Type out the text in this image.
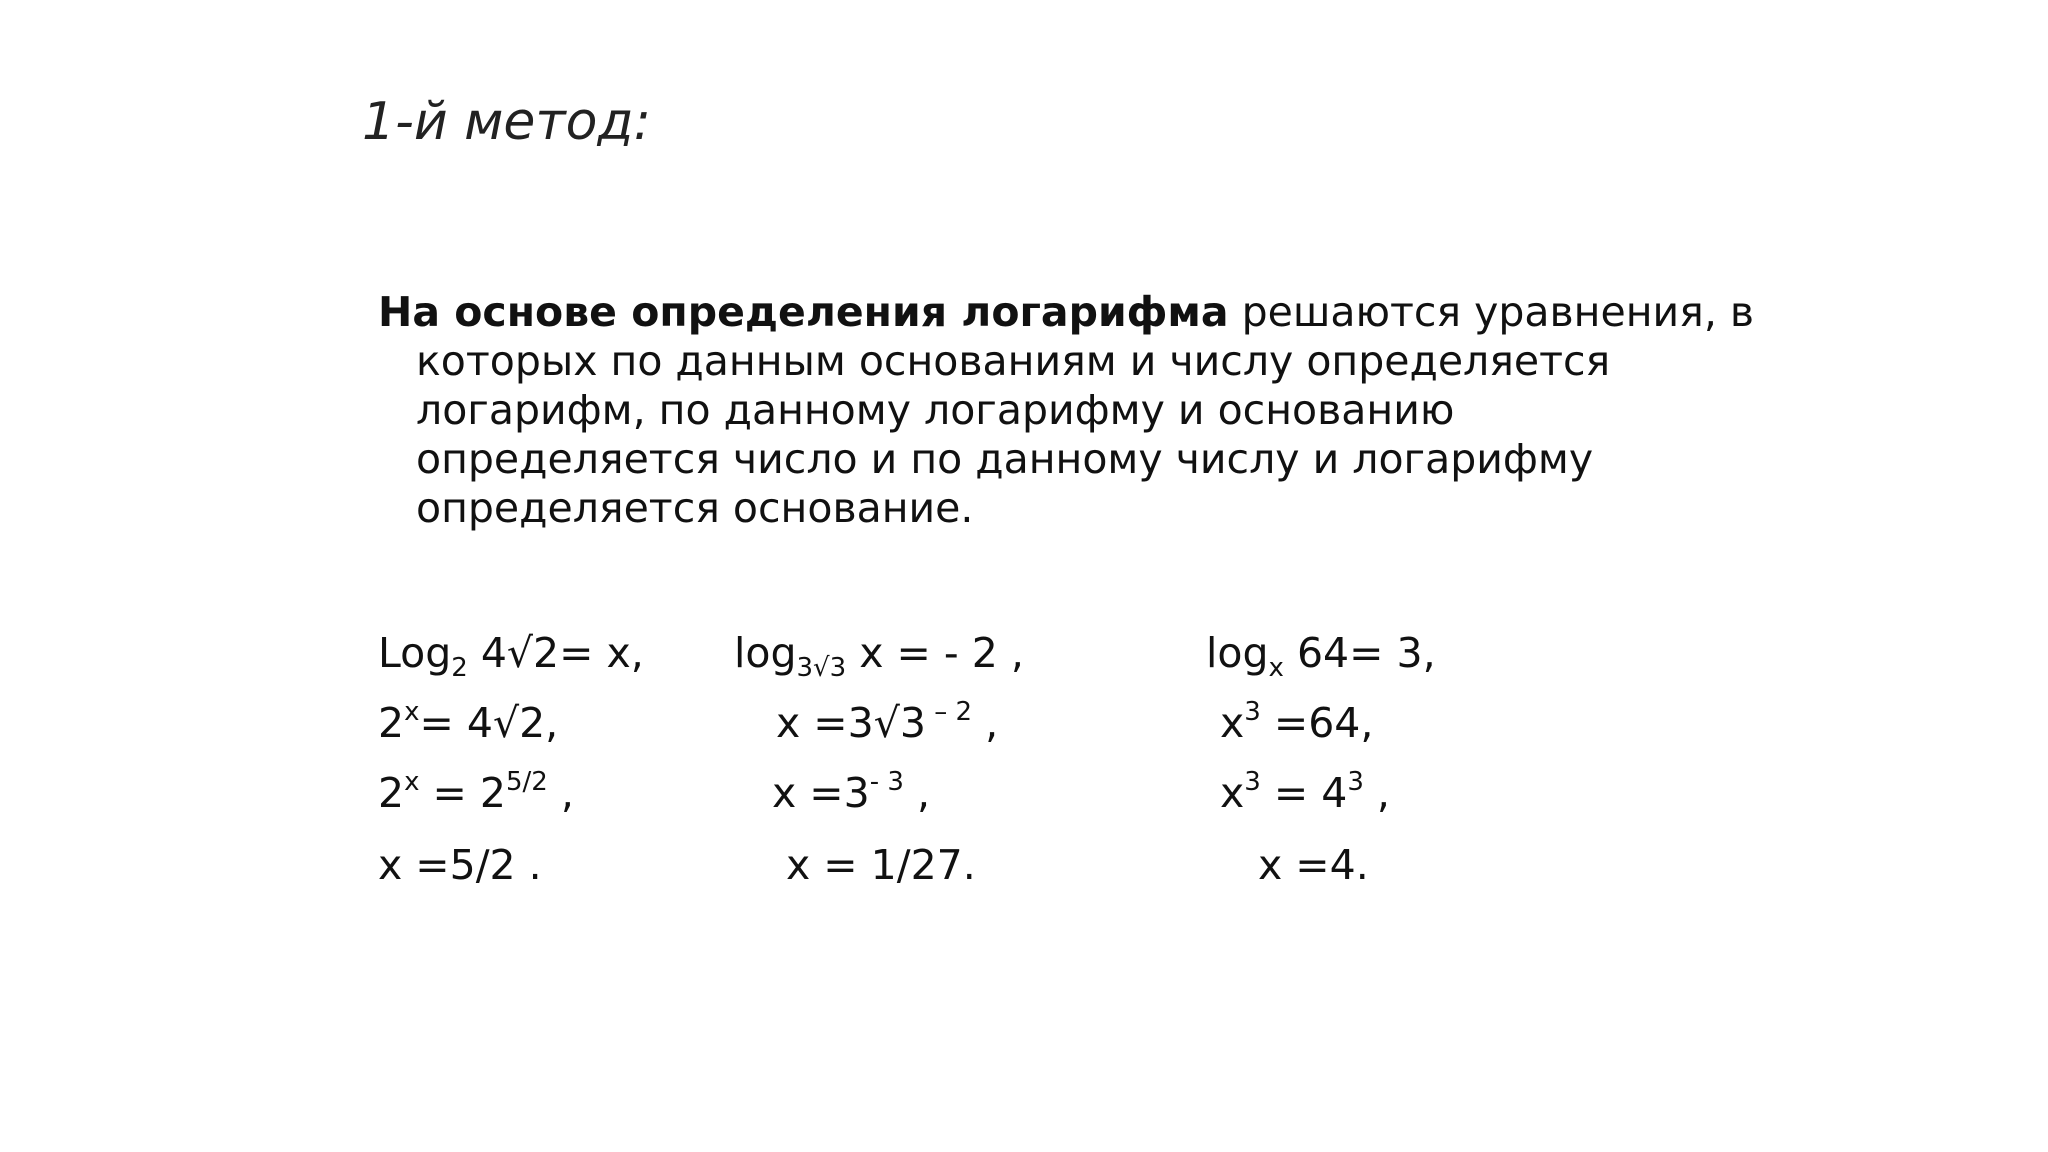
1-й метод:
На основе определения логарифма решаются уравнения, в
которых по данным основаниям и числу определяется
логарифм, по данному логарифму и основанию
определяется число и по данному числу и логарифму
определяется основание.
Log$_2$ 4√2= x,
$2^x= 4√2$,
$2^x = 2^{5/2}$ ,
x =5/2 .
$\log_{3√3} x$ = - 2 ,
x =3√3 $^{- 2}$ ,
$x =3^{- 3}$ ,
x = 1/27.
$\log_x 64= 3$,
$x^3 =64$,
$x^3 = 4^3$ ,
x =4.
